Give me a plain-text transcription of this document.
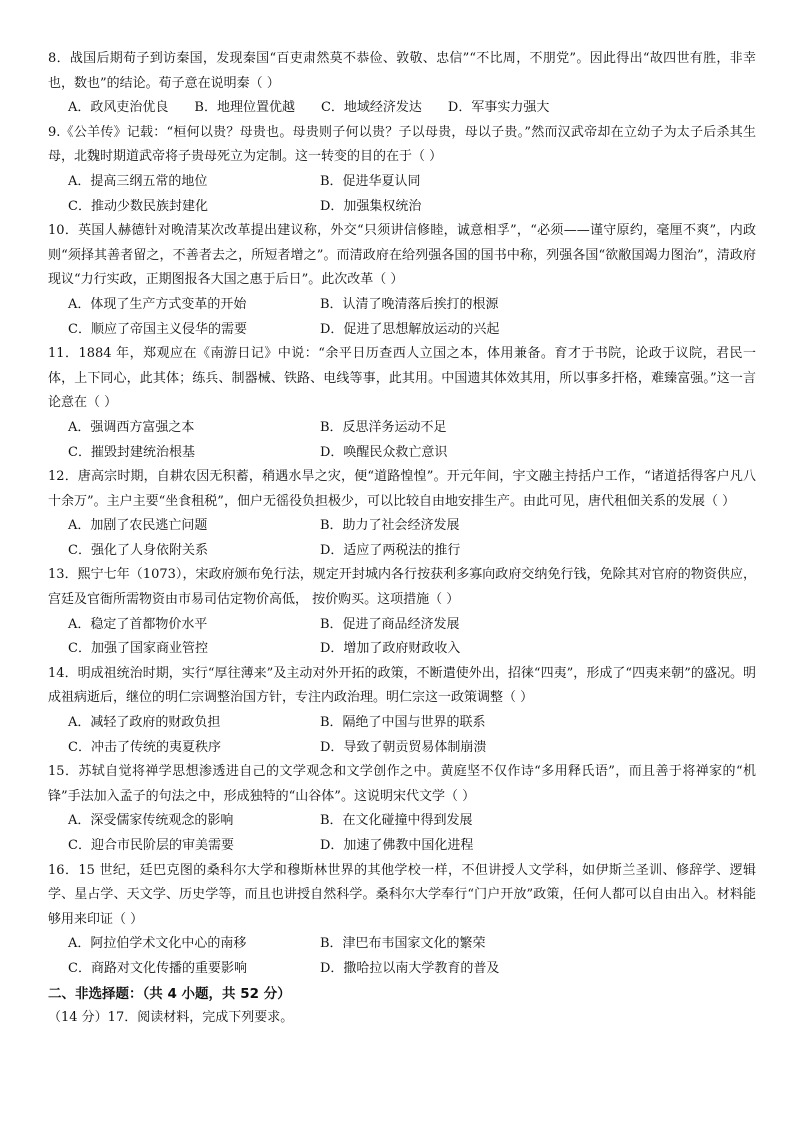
8．战国后期荀子到访秦国，发现秦国“百吏肃然莫不恭俭、敦敬、忠信”“不比周，不朋党”。因此得出“故四世有胜，非幸也，数也”的结论。荀子意在说明秦（ ）
A．政风吏治优良 B．地理位置优越 C．地域经济发达 D．军事实力强大
9.《公羊传》记载：“桓何以贵？母贵也。母贵则子何以贵？子以母贵，母以子贵。”然而汉武帝却在立幼子为太子后杀其生母，北魏时期道武帝将子贵母死立为定制。这一转变的目的在于（ ）
A．提高三纲五常的地位	B．促进华夏认同
C．推动少数民族封建化	D．加强集权统治
10．英国人赫德针对晚清某次改革提出建议称，外交“只须讲信修睦，诚意相孚”，“必须——谨守原约，毫厘不爽”，内政则“须择其善者留之，不善者去之，所短者增之”。而清政府在给列强各国的国书中称，列强各国“欲敝国竭力图治”，清政府现议“力行实政，正期图报各大国之惠于后日”。此次改革（ ）
A．体现了生产方式变革的开始	B．认清了晚清落后挨打的根源
C．顺应了帝国主义侵华的需要	D．促进了思想解放运动的兴起
11．1884 年，郑观应在《南游日记》中说：“余平日历查西人立国之本，体用兼备。育才于书院，论政于议院，君民一体，上下同心，此其体；练兵、制器械、铁路、电线等事，此其用。中国遗其体效其用，所以事多扞格，难臻富强。”这一言论意在（ ）
A．强调西方富强之本	B．反思洋务运动不足
C．摧毁封建统治根基	D．唤醒民众救亡意识
12．唐高宗时期，自耕农因无积蓄，稍遇水旱之灾，便“道路惶惶”。开元年间，宇文融主持括户工作，“诸道括得客户凡八十余万”。主户主要“坐食租税”，佃户无徭役负担极少，可以比较自由地安排生产。由此可见，唐代租佃关系的发展（ ）
A．加剧了农民逃亡问题	B．助力了社会经济发展
C．强化了人身依附关系	D．适应了两税法的推行
13．熙宁七年（1073），宋政府颁布免行法，规定开封城内各行按获利多寡向政府交纳免行钱，免除其对官府的物资供应，宫廷及官衙所需物资由市易司估定物价高低， 按价购买。这项措施（ ）
A．稳定了首都物价水平	B．促进了商品经济发展
C．加强了国家商业管控	D．增加了政府财政收入
14．明成祖统治时期，实行“厚往薄来”及主动对外开拓的政策，不断遣使外出，招徕“四夷”，形成了“四夷来朝”的盛况。明成祖病逝后，继位的明仁宗调整治国方针，专注内政治理。明仁宗这一政策调整（ ）
A．减轻了政府的财政负担	B．隔绝了中国与世界的联系
C．冲击了传统的夷夏秩序	D．导致了朝贡贸易体制崩溃
15．苏轼自觉将禅学思想渗透进自己的文学观念和文学创作之中。黄庭坚不仅作诗“多用释氏语”，而且善于将禅家的“机锋”手法加入孟子的句法之中，形成独特的“山谷体”。这说明宋代文学（ ）
A．深受儒家传统观念的影响	B．在文化碰撞中得到发展
C．迎合市民阶层的审美需要	D．加速了佛教中国化进程
16．15 世纪，廷巴克图的桑科尔大学和穆斯林世界的其他学校一样，不但讲授人文学科，如伊斯兰圣训、修辞学、逻辑学、星占学、天文学、历史学等，而且也讲授自然科学。桑科尔大学奉行“门户开放”政策，任何人都可以自由出入。材料能够用来印证（ ）
A．阿拉伯学术文化中心的南移	B．津巴布韦国家文化的繁荣
C．商路对文化传播的重要影响	D．撒哈拉以南大学教育的普及
二、非选择题：（共 4 小题，共 52 分）
（14 分）17．阅读材料，完成下列要求。
